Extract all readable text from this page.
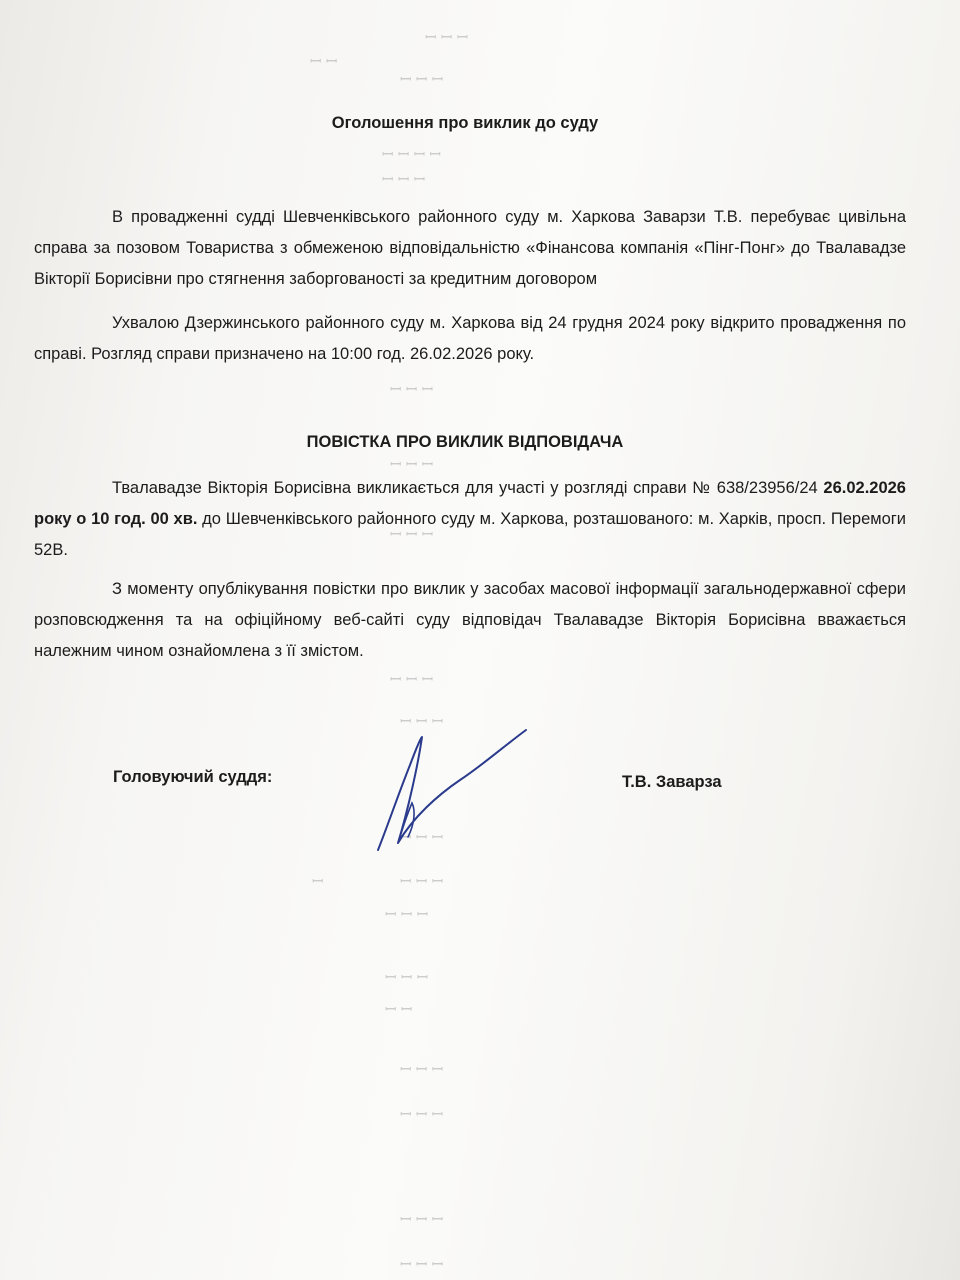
ꟷ ꟷ ꟷ
ꟷ ꟷ
ꟷ ꟷ ꟷ
ꟷ ꟷ ꟷ ꟷ
ꟷ ꟷ ꟷ
ꟷ ꟷ ꟷ
ꟷ ꟷ ꟷ
ꟷ ꟷ ꟷ
ꟷ ꟷ ꟷ
ꟷ ꟷ ꟷ
ꟷ ꟷ ꟷ
ꟷ	ꟷ ꟷ ꟷ
ꟷ ꟷ ꟷ
ꟷ ꟷ ꟷ
ꟷ ꟷ
ꟷ ꟷ ꟷ
ꟷ ꟷ ꟷ
ꟷ ꟷ ꟷ
ꟷ ꟷ ꟷ
Оголошення про виклик до суду

В провадженні судді Шевченківського районного суду м. Харкова Заварзи Т.В. перебуває цивільна справа за позовом Товариства з обмеженою відповідальністю «Фінансова компанія «Пінг-Понг» до Твалавадзе Вікторії Борисівни про стягнення заборгованості за кредитним договором

Ухвалою Дзержинського районного суду м. Харкова від 24 грудня 2024 року відкрито провадження по справі. Розгляд справи призначено на 10:00 год. 26.02.2026 року.

ПОВІСТКА ПРО ВИКЛИК ВІДПОВІДАЧА

Твалавадзе Вікторія Борисівна викликається для участі у розгляді справи № 638/23956/24 26.02.2026 року о 10 год. 00 хв. до Шевченківського районного суду м. Харкова, розташованого: м. Харків, просп. Перемоги 52В.

З моменту опублікування повістки про виклик у засобах масової інформації загальнодержавної сфери розповсюдження та на офіційному веб-сайті суду відповідач Твалавадзе Вікторія Борисівна вважається належним чином ознайомлена з її змістом.

Головуючий суддя:	Т.В. Заварза
